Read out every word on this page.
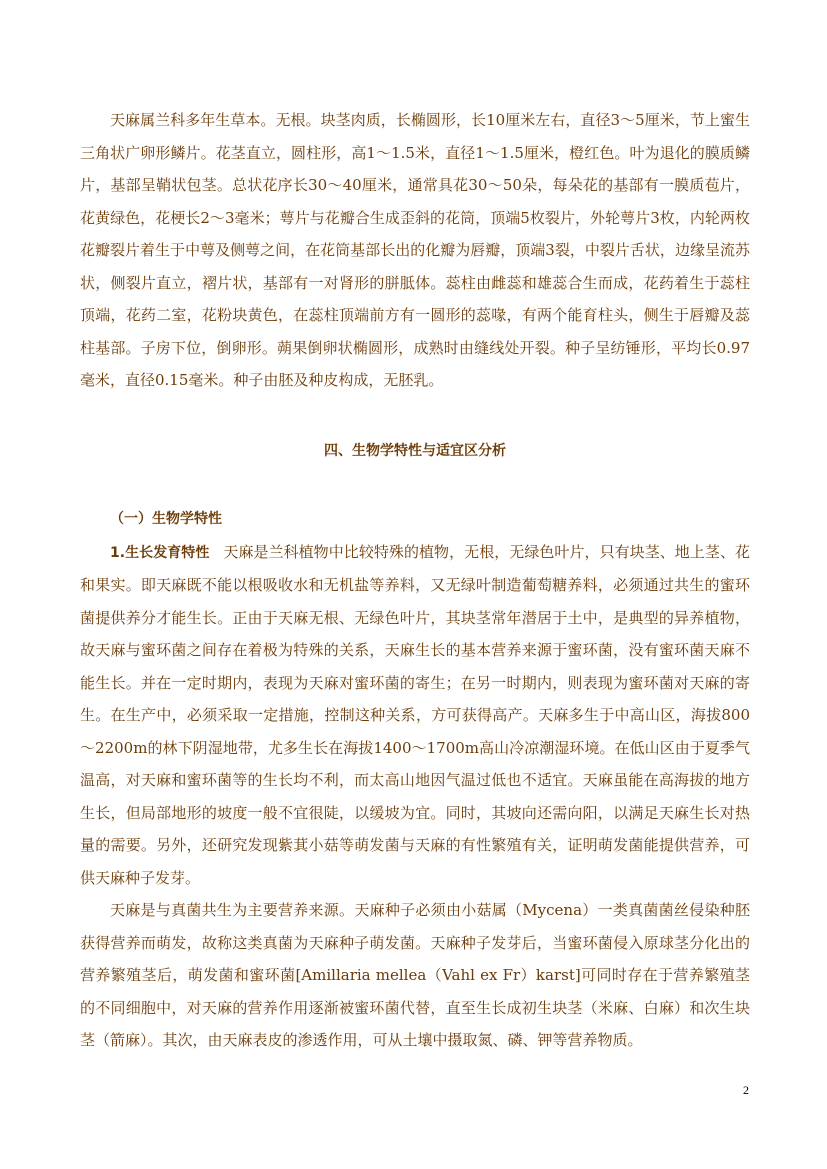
天麻属兰科多年生草本。无根。块茎肉质，长椭圆形，长10厘米左右，直径3～5厘米，节上蜜生三角状广卵形鳞片。花茎直立，圆柱形，高1～1.5米，直径1～1.5厘米，橙红色。叶为退化的膜质鳞片，基部呈鞘状包茎。总状花序长30～40厘米，通常具花30～50朵，每朵花的基部有一膜质苞片，花黄绿色，花梗长2～3毫米；萼片与花瓣合生成歪斜的花筒，顶端5枚裂片，外轮萼片3枚，内轮两枚花瓣裂片着生于中萼及侧萼之间，在花筒基部长出的化瓣为唇瓣，顶端3裂，中裂片舌状，边缘呈流苏状，侧裂片直立，褶片状，基部有一对肾形的胼胝体。蕊柱由雌蕊和雄蕊合生而成，花药着生于蕊柱顶端，花药二室，花粉块黄色，在蕊柱顶端前方有一圆形的蕊喙，有两个能育柱头，侧生于唇瓣及蕊柱基部。子房下位，倒卵形。蒴果倒卵状椭圆形，成熟时由缝线处开裂。种子呈纺锤形，平均长0.97毫米，直径0.15毫米。种子由胚及种皮构成，无胚乳。

四、生物学特性与适宜区分析

（一）生物学特性

1.生长发育特性 天麻是兰科植物中比较特殊的植物，无根，无绿色叶片，只有块茎、地上茎、花和果实。即天麻既不能以根吸收水和无机盐等养料，又无绿叶制造葡萄糖养料，必须通过共生的蜜环菌提供养分才能生长。正由于天麻无根、无绿色叶片，其块茎常年潜居于土中，是典型的异养植物，故天麻与蜜环菌之间存在着极为特殊的关系，天麻生长的基本营养来源于蜜环菌，没有蜜环菌天麻不能生长。并在一定时期内，表现为天麻对蜜环菌的寄生；在另一时期内，则表现为蜜环菌对天麻的寄生。在生产中，必须采取一定措施，控制这种关系，方可获得高产。天麻多生于中高山区，海拔800～2200m的林下阴湿地带，尤多生长在海拔1400～1700m高山冷凉潮湿环境。在低山区由于夏季气温高，对天麻和蜜环菌等的生长均不利，而太高山地因气温过低也不适宜。天麻虽能在高海拔的地方生长，但局部地形的坡度一般不宜很陡，以缓坡为宜。同时，其坡向还需向阳，以满足天麻生长对热量的需要。另外，还研究发现紫萁小菇等萌发菌与天麻的有性繁殖有关，证明萌发菌能提供营养，可供天麻种子发芽。

天麻是与真菌共生为主要营养来源。天麻种子必须由小菇属（Mycena）一类真菌菌丝侵染种胚获得营养而萌发，故称这类真菌为天麻种子萌发菌。天麻种子发芽后，当蜜环菌侵入原球茎分化出的营养繁殖茎后，萌发菌和蜜环菌[Amillaria mellea（Vahl ex Fr）karst]可同时存在于营养繁殖茎的不同细胞中，对天麻的营养作用逐渐被蜜环菌代替，直至生长成初生块茎（米麻、白麻）和次生块茎（箭麻）。其次，由天麻表皮的渗透作用，可从土壤中摄取氮、磷、钾等营养物质。

2
